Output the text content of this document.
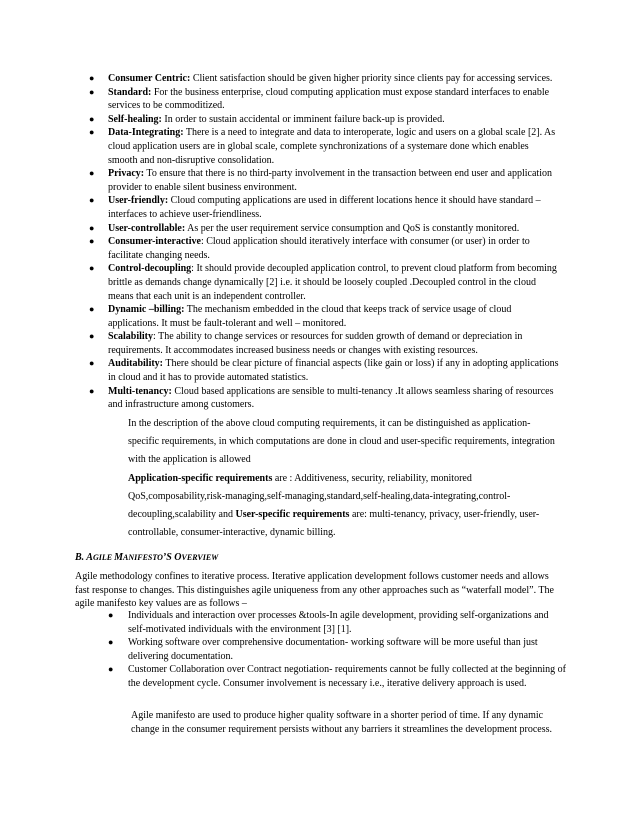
● Consumer Centric: Client satisfaction should be given higher priority since clients pay for accessing services.
● Standard: For the business enterprise, cloud computing application must expose standard interfaces to enable services to be commoditized.
● Self-healing: In order to sustain accidental or imminent failure back-up is provided.
● Data-Integrating: There is a need to integrate and data to interoperate, logic and users on a global scale [2]. As cloud application users are in global scale, complete synchronizations of a systemare done which enables smooth and non-disruptive consolidation.
● Privacy: To ensure that there is no third-party involvement in the transaction between end user and application provider to enable silent business environment.
● User-friendly: Cloud computing applications are used in different locations hence it should have standard – interfaces to achieve user-friendliness.
● User-controllable: As per the user requirement service consumption and QoS is constantly monitored.
● Consumer-interactive: Cloud application should iteratively interface with consumer (or user) in order to facilitate changing needs.
● Control-decoupling: It should provide decoupled application control, to prevent cloud platform from becoming brittle as demands change dynamically [2] i.e. it should be loosely coupled .Decoupled control in the cloud means that each unit is an independent controller.
● Dynamic –billing: The mechanism embedded in the cloud that keeps track of service usage of cloud applications. It must be fault-tolerant and well – monitored.
● Scalability: The ability to change services or resources for sudden growth of demand or depreciation in requirements. It accommodates increased business needs or changes with existing resources.
● Auditability: There should be clear picture of financial aspects (like gain or loss) if any in adopting applications in cloud and it has to provide automated statistics.
● Multi-tenancy: Cloud based applications are sensible to multi-tenancy .It allows seamless sharing of resources and infrastructure among customers.

In the description of the above cloud computing requirements, it can be distinguished as application-specific requirements, in which computations are done in cloud and user-specific requirements, integration with the application is allowed

Application-specific requirements are : Additiveness, security, reliability, monitored QoS,composability,risk-managing,self-managing,standard,self-healing,data-integrating,control-decoupling,scalability and User-specific requirements are: multi-tenancy, privacy, user-friendly, user-controllable, consumer-interactive, dynamic billing.

B. AGILE MANIFESTO’S OVERVIEW

Agile methodology confines to iterative process. Iterative application development follows customer needs and allows fast response to changes. This distinguishes agile uniqueness from any other approaches such as “waterfall model”. The agile manifesto key values are as follows –

● Individuals and interaction over processes &tools-In agile development, providing self-organizations and self-motivated individuals with the environment [3] [1].
● Working software over comprehensive documentation- working software will be more useful than just delivering documentation.
● Customer Collaboration over Contract negotiation- requirements cannot be fully collected at the beginning of the development cycle. Consumer involvement is necessary i.e., iterative delivery approach is used.

Agile manifesto are used to produce higher quality software in a shorter period of time. If any dynamic change in the consumer requirement persists without any barriers it streamlines the development process.
